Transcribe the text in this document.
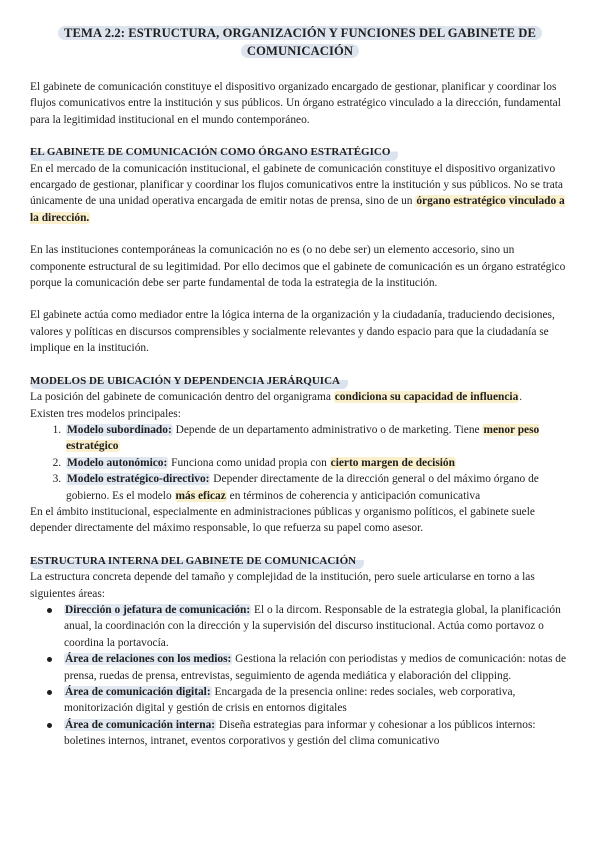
TEMA 2.2: ESTRUCTURA, ORGANIZACIÓN Y FUNCIONES DEL GABINETE DE
COMUNICACIÓN

El gabinete de comunicación constituye el dispositivo organizado encargado de gestionar, planificar y coordinar los flujos comunicativos entre la institución y sus públicos. Un órgano estratégico vinculado a la dirección, fundamental para la legitimidad institucional en el mundo contemporáneo.

EL GABINETE DE COMUNICACIÓN COMO ÓRGANO ESTRATÉGICO

En el mercado de la comunicación institucional, el gabinete de comunicación constituye el dispositivo organizativo encargado de gestionar, planificar y coordinar los flujos comunicativos entre la institución y sus públicos. No se trata únicamente de una unidad operativa encargada de emitir notas de prensa, sino de un órgano estratégico vinculado a la dirección.

En las instituciones contemporáneas la comunicación no es (o no debe ser) un elemento accesorio, sino un componente estructural de su legitimidad. Por ello decimos que el gabinete de comunicación es un órgano estratégico porque la comunicación debe ser parte fundamental de toda la estrategia de la institución.

El gabinete actúa como mediador entre la lógica interna de la organización y la ciudadanía, traduciendo decisiones, valores y políticas en discursos comprensibles y socialmente relevantes y dando espacio para que la ciudadanía se implique en la institución.

MODELOS DE UBICACIÓN Y DEPENDENCIA JERÁRQUICA

La posición del gabinete de comunicación dentro del organigrama condiciona su capacidad de influencia.

Existen tres modelos principales:

1. Modelo subordinado: Depende de un departamento administrativo o de marketing. Tiene menor peso estratégico
2. Modelo autonómico: Funciona como unidad propia con cierto margen de decisión
3. Modelo estratégico-directivo: Depender directamente de la dirección general o del máximo órgano de gobierno. Es el modelo más eficaz en términos de coherencia y anticipación comunicativa

En el ámbito institucional, especialmente en administraciones públicas y organismo políticos, el gabinete suele depender directamente del máximo responsable, lo que refuerza su papel como asesor.

ESTRUCTURA INTERNA DEL GABINETE DE COMUNICACIÓN

La estructura concreta depende del tamaño y complejidad de la institución, pero suele articularse en torno a las siguientes áreas:

Dirección o jefatura de comunicación: El o la dircom. Responsable de la estrategia global, la planificación anual, la coordinación con la dirección y la supervisión del discurso institucional. Actúa como portavoz o coordina la portavocía.
Área de relaciones con los medios: Gestiona la relación con periodistas y medios de comunicación: notas de prensa, ruedas de prensa, entrevistas, seguimiento de agenda mediática y elaboración del clipping.
Área de comunicación digital: Encargada de la presencia online: redes sociales, web corporativa, monitorización digital y gestión de crisis en entornos digitales
Área de comunicación interna: Diseña estrategias para informar y cohesionar a los públicos internos: boletines internos, intranet, eventos corporativos y gestión del clima comunicativo
